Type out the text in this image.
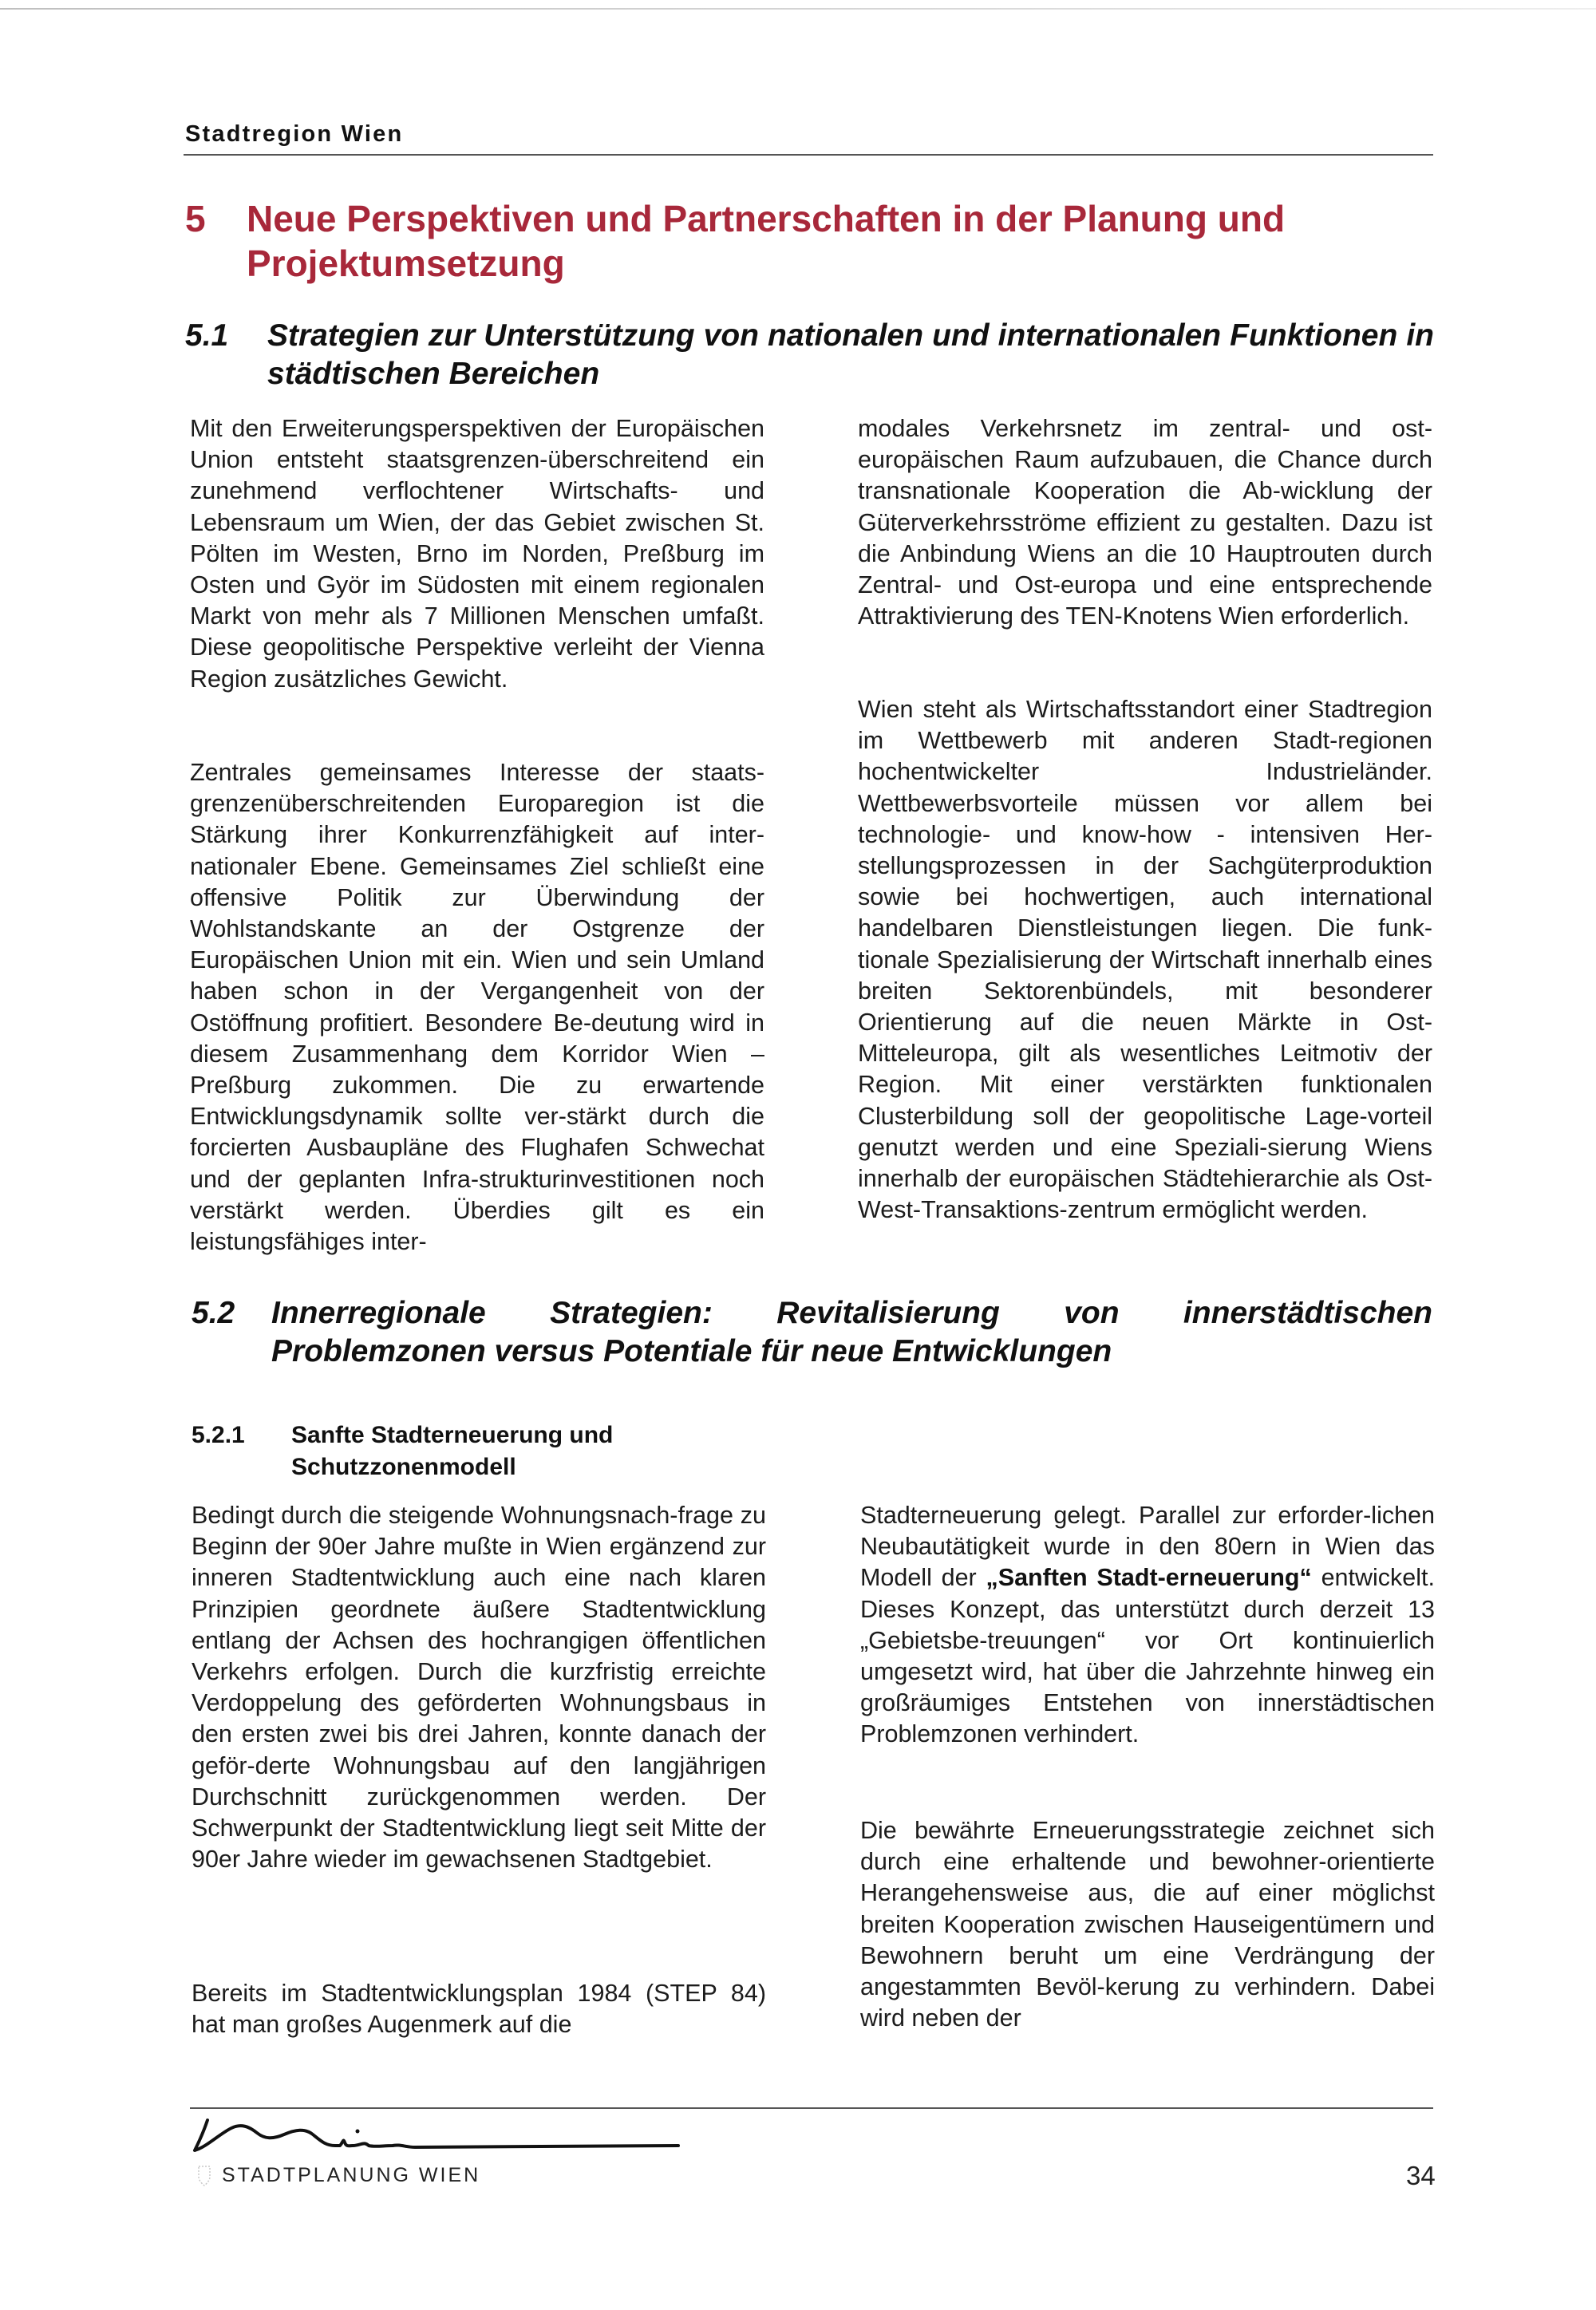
Stadtregion Wien
5 Neue Perspektiven und Partnerschaften in der Planung und Projektumsetzung
5.1 Strategien zur Unterstützung von nationalen und internationalen Funktionen in städtischen Bereichen
Mit den Erweiterungsperspektiven der Europäischen Union entsteht staatsgrenzen-überschreitend ein zunehmend verflochtener Wirtschafts- und Lebensraum um Wien, der das Gebiet zwischen St. Pölten im Westen, Brno im Norden, Preßburg im Osten und Györ im Südosten mit einem regionalen Markt von mehr als 7 Millionen Menschen umfaßt. Diese geopolitische Perspektive verleiht der Vienna Region zusätzliches Gewicht.
Zentrales gemeinsames Interesse der staats-grenzenüberschreitenden Europaregion ist die Stärkung ihrer Konkurrenzfähigkeit auf inter-nationaler Ebene. Gemeinsames Ziel schließt eine offensive Politik zur Überwindung der Wohlstandskante an der Ostgrenze der Europäischen Union mit ein. Wien und sein Umland haben schon in der Vergangenheit von der Ostöffnung profitiert. Besondere Be-deutung wird in diesem Zusammenhang dem Korridor Wien – Preßburg zukommen. Die zu erwartende Entwicklungsdynamik sollte ver-stärkt durch die forcierten Ausbaupläne des Flughafen Schwechat und der geplanten Infra-strukturinvestitionen noch verstärkt werden. Überdies gilt es ein leistungsfähiges inter-
modales Verkehrsnetz im zentral- und ost-europäischen Raum aufzubauen, die Chance durch transnationale Kooperation die Ab-wicklung der Güterverkehrsströme effizient zu gestalten. Dazu ist die Anbindung Wiens an die 10 Hauptrouten durch Zentral- und Ost-europa und eine entsprechende Attraktivierung des TEN-Knotens Wien erforderlich.
Wien steht als Wirtschaftsstandort einer Stadtregion im Wettbewerb mit anderen Stadt-regionen hochentwickelter Industrieländer. Wettbewerbsvorteile müssen vor allem bei technologie- und know-how - intensiven Her-stellungsprozessen in der Sachgüterproduktion sowie bei hochwertigen, auch international handelbaren Dienstleistungen liegen. Die funk-tionale Spezialisierung der Wirtschaft innerhalb eines breiten Sektorenbündels, mit besonderer Orientierung auf die neuen Märkte in Ost-Mitteleuropa, gilt als wesentliches Leitmotiv der Region. Mit einer verstärkten funktionalen Clusterbildung soll der geopolitische Lage-vorteil genutzt werden und eine Speziali-sierung Wiens innerhalb der europäischen Städtehierarchie als Ost-West-Transaktions-zentrum ermöglicht werden.
5.2 Innerregionale Strategien: Revitalisierung von innerstädtischen Problemzonen versus Potentiale für neue Entwicklungen
5.2.1 Sanfte Stadterneuerung und Schutzzonenmodell
Bedingt durch die steigende Wohnungsnach-frage zu Beginn der 90er Jahre mußte in Wien ergänzend zur inneren Stadtentwicklung auch eine nach klaren Prinzipien geordnete äußere Stadtentwicklung entlang der Achsen des hochrangigen öffentlichen Verkehrs erfolgen. Durch die kurzfristig erreichte Verdoppelung des geförderten Wohnungsbaus in den ersten zwei bis drei Jahren, konnte danach der geför-derte Wohnungsbau auf den langjährigen Durchschnitt zurückgenommen werden. Der Schwerpunkt der Stadtentwicklung liegt seit Mitte der 90er Jahre wieder im gewachsenen Stadtgebiet.
Bereits im Stadtentwicklungsplan 1984 (STEP 84) hat man großes Augenmerk auf die
Stadterneuerung gelegt. Parallel zur erforder-lichen Neubautätigkeit wurde in den 80ern in Wien das Modell der „Sanften Stadt-erneuerung“ entwickelt. Dieses Konzept, das unterstützt durch derzeit 13 „Gebietsbe-treuungen“ vor Ort kontinuierlich umgesetzt wird, hat über die Jahrzehnte hinweg ein großräumiges Entstehen von innerstädtischen Problemzonen verhindert.
Die bewährte Erneuerungsstrategie zeichnet sich durch eine erhaltende und bewohner-orientierte Herangehensweise aus, die auf einer möglichst breiten Kooperation zwischen Hauseigentümern und Bewohnern beruht um eine Verdrängung der angestammten Bevöl-kerung zu verhindern. Dabei wird neben der
STADTPLANUNG WIEN	34
